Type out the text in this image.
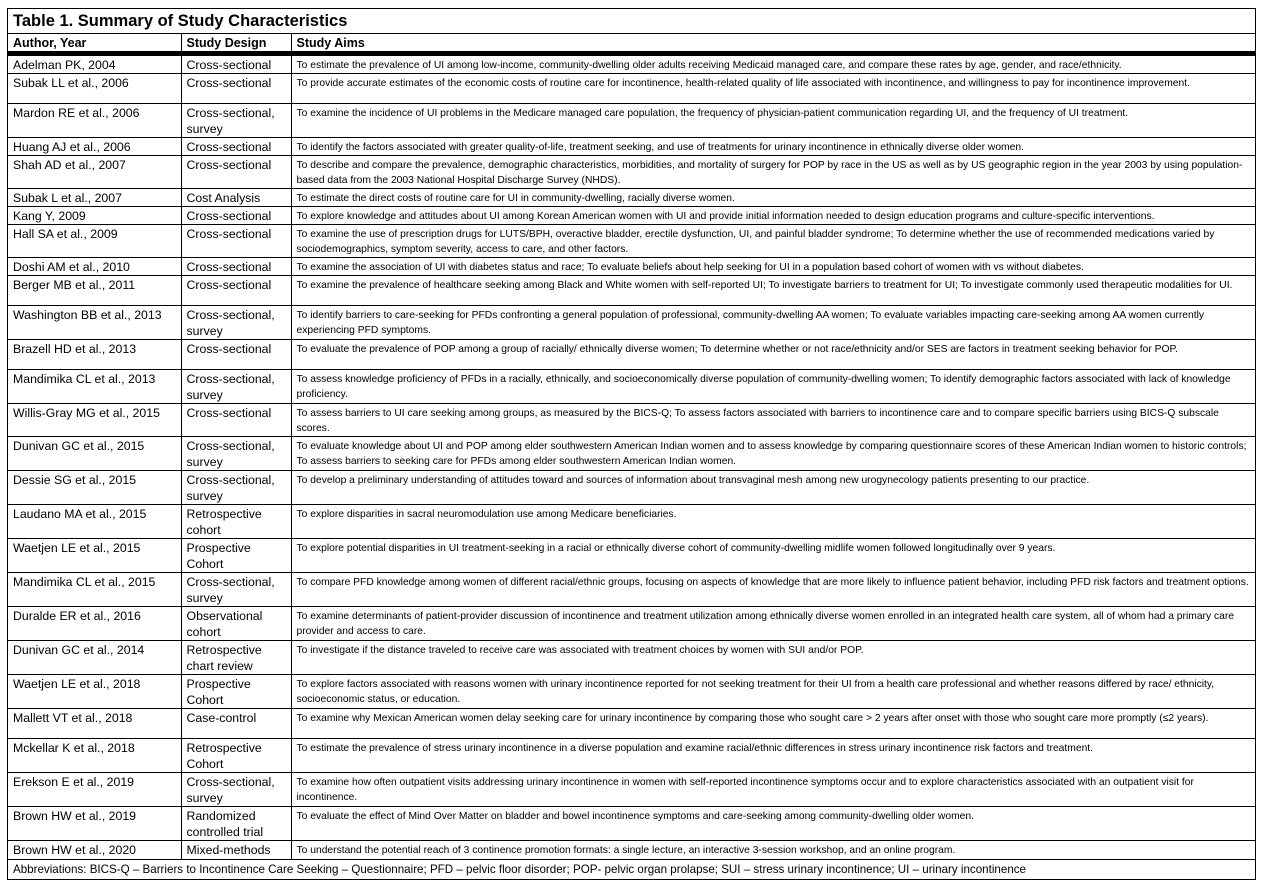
Table 1. Summary of Study Characteristics
Author, Year	Study Design	Study Aims
Adelman PK, 2004	Cross-sectional	To estimate the prevalence of UI among low-income, community-dwelling older adults receiving Medicaid managed care, and compare these rates by age, gender, and race/ethnicity.
Subak LL et al., 2006	Cross-sectional	To provide accurate estimates of the economic costs of routine care for incontinence, health-related quality of life associated with incontinence, and willingness to pay for incontinence improvement.
Mardon RE et al., 2006	Cross-sectional, survey	To examine the incidence of UI problems in the Medicare managed care population, the frequency of physician-patient communication regarding UI, and the frequency of UI treatment.
Huang AJ et al., 2006	Cross-sectional	To identify the factors associated with greater quality-of-life, treatment seeking, and use of treatments for urinary incontinence in ethnically diverse older women.
Shah AD et al., 2007	Cross-sectional	To describe and compare the prevalence, demographic characteristics, morbidities, and mortality of surgery for POP by race in the US as well as by US geographic region in the year 2003 by using population-based data from the 2003 National Hospital Discharge Survey (NHDS).
Subak L et al., 2007	Cost Analysis	To estimate the direct costs of routine care for UI in community-dwelling, racially diverse women.
Kang Y, 2009	Cross-sectional	To explore knowledge and attitudes about UI among Korean American women with UI and provide initial information needed to design education programs and culture-specific interventions.
Hall SA et al., 2009	Cross-sectional	To examine the use of prescription drugs for LUTS/BPH, overactive bladder, erectile dysfunction, UI, and painful bladder syndrome; To determine whether the use of recommended medications varied by sociodemographics, symptom severity, access to care, and other factors.
Doshi AM et al., 2010	Cross-sectional	To examine the association of UI with diabetes status and race; To evaluate beliefs about help seeking for UI in a population based cohort of women with vs without diabetes.
Berger MB et al., 2011	Cross-sectional	To examine the prevalence of healthcare seeking among Black and White women with self-reported UI; To investigate barriers to treatment for UI; To investigate commonly used therapeutic modalities for UI.
Washington BB et al., 2013	Cross-sectional, survey	To identify barriers to care-seeking for PFDs confronting a general population of professional, community-dwelling AA women; To evaluate variables impacting care-seeking among AA women currently experiencing PFD symptoms.
Brazell HD et al., 2013	Cross-sectional	To evaluate the prevalence of POP among a group of racially/ ethnically diverse women; To determine whether or not race/ethnicity and/or SES are factors in treatment seeking behavior for POP.
Mandimika CL et al., 2013	Cross-sectional, survey	To assess knowledge proficiency of PFDs in a racially, ethnically, and socioeconomically diverse population of community-dwelling women; To identify demographic factors associated with lack of knowledge proficiency.
Willis-Gray MG et al., 2015	Cross-sectional	To assess barriers to UI care seeking among groups, as measured by the BICS-Q; To assess factors associated with barriers to incontinence care and to compare specific barriers using BICS-Q subscale scores.
Dunivan GC et al., 2015	Cross-sectional, survey	To evaluate knowledge about UI and POP among elder southwestern American Indian women and to assess knowledge by comparing questionnaire scores of these American Indian women to historic controls; To assess barriers to seeking care for PFDs among elder southwestern American Indian women.
Dessie SG et al., 2015	Cross-sectional, survey	To develop a preliminary understanding of attitudes toward and sources of information about transvaginal mesh among new urogynecology patients presenting to our practice.
Laudano MA et al., 2015	Retrospective cohort	To explore disparities in sacral neuromodulation use among Medicare beneficiaries.
Waetjen LE et al., 2015	Prospective Cohort	To explore potential disparities in UI treatment-seeking in a racial or ethnically diverse cohort of community-dwelling midlife women followed longitudinally over 9 years.
Mandimika CL et al., 2015	Cross-sectional, survey	To compare PFD knowledge among women of different racial/ethnic groups, focusing on aspects of knowledge that are more likely to influence patient behavior, including PFD risk factors and treatment options.
Duralde ER et al., 2016	Observational cohort	To examine determinants of patient-provider discussion of incontinence and treatment utilization among ethnically diverse women enrolled in an integrated health care system, all of whom had a primary care provider and access to care.
Dunivan GC et al., 2014	Retrospective chart review	To investigate if the distance traveled to receive care was associated with treatment choices by women with SUI and/or POP.
Waetjen LE et al., 2018	Prospective Cohort	To explore factors associated with reasons women with urinary incontinence reported for not seeking treatment for their UI from a health care professional and whether reasons differed by race/ ethnicity, socioeconomic status, or education.
Mallett VT et al., 2018	Case-control	To examine why Mexican American women delay seeking care for urinary incontinence by comparing those who sought care > 2 years after onset with those who sought care more promptly (≤2 years).
Mckellar K et al., 2018	Retrospective Cohort	To estimate the prevalence of stress urinary incontinence in a diverse population and examine racial/ethnic differences in stress urinary incontinence risk factors and treatment.
Erekson E et al., 2019	Cross-sectional, survey	To examine how often outpatient visits addressing urinary incontinence in women with self-reported incontinence symptoms occur and to explore characteristics associated with an outpatient visit for incontinence.
Brown HW et al., 2019	Randomized controlled trial	To evaluate the effect of Mind Over Matter on bladder and bowel incontinence symptoms and care-seeking among community-dwelling older women.
Brown HW et al., 2020	Mixed-methods	To understand the potential reach of 3 continence promotion formats: a single lecture, an interactive 3-session workshop, and an online program.
Abbreviations: BICS-Q – Barriers to Incontinence Care Seeking – Questionnaire; PFD – pelvic floor disorder; POP- pelvic organ prolapse; SUI – stress urinary incontinence; UI – urinary incontinence
